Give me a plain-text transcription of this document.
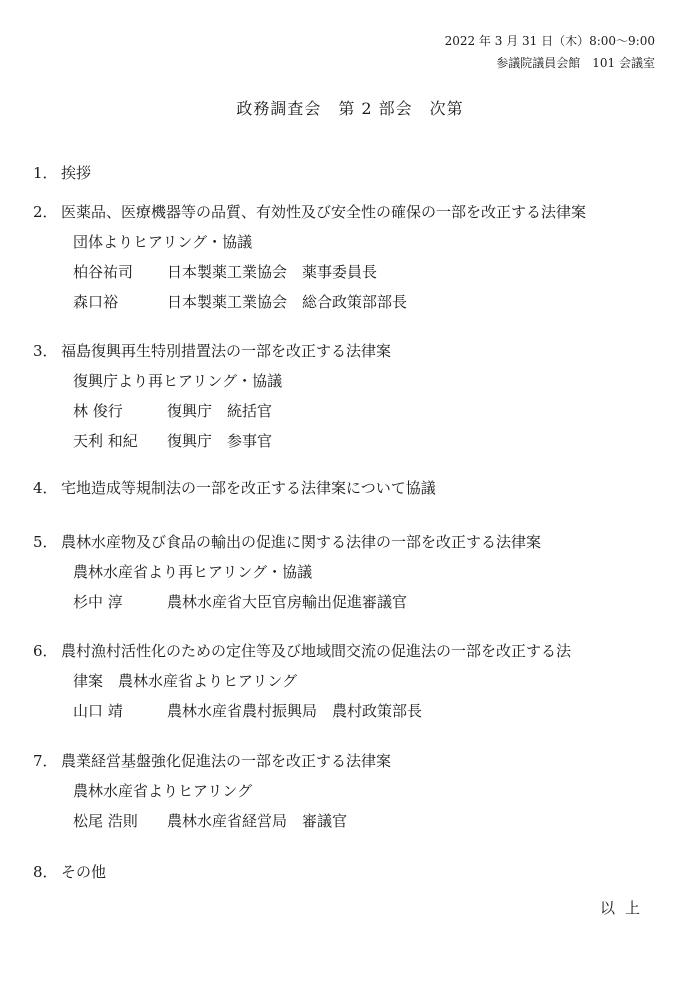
2022 年 3 月 31 日（木）8:00〜9:00
参議院議員会館　101 会議室
政務調査会　第 2 部会　次第
1． 挨拶
2． 医薬品、医療機器等の品質、有効性及び安全性の確保の一部を改正する法律案
団体よりヒアリング・協議
柏谷祐司 日本製薬工業協会　薬事委員長
森口裕	日本製薬工業協会　総合政策部部長
3． 福島復興再生特別措置法の一部を改正する法律案
復興庁より再ヒアリング・協議
林 俊行	復興庁　統括官
天利 和紀 復興庁　参事官
4． 宅地造成等規制法の一部を改正する法律案について協議
5． 農林水産物及び食品の輸出の促進に関する法律の一部を改正する法律案
農林水産省より再ヒアリング・協議
杉中 淳	農林水産省大臣官房輸出促進審議官
6． 農村漁村活性化のための定住等及び地域間交流の促進法の一部を改正する法
律案　農林水産省よりヒアリング
山口 靖	農林水産省農村振興局　農村政策部長
7． 農業経営基盤強化促進法の一部を改正する法律案
農林水産省よりヒアリング
松尾 浩則 農林水産省経営局　審議官
8． その他
以上
